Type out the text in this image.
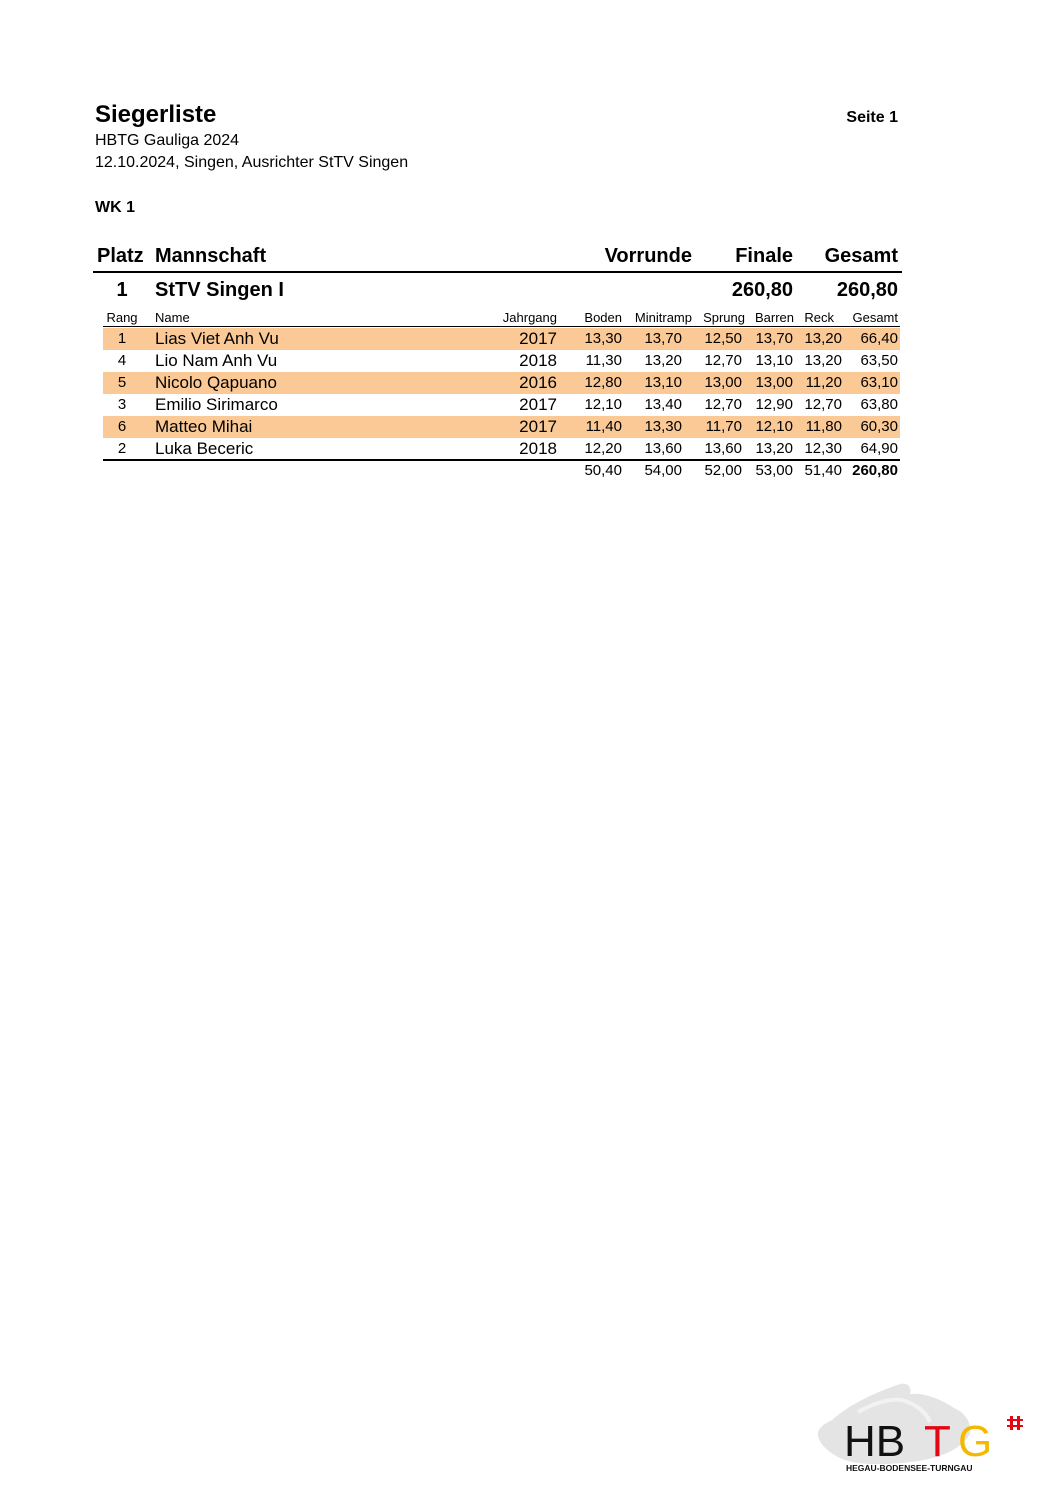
Siegerliste	Seite 1
HBTG Gauliga 2024
12.10.2024, Singen, Ausrichter StTV Singen
WK 1
Platz Mannschaft	Vorrunde	Finale	Gesamt
1 StTV Singen I	260,80	260,80
Rang Name	Jahrgang	Boden Minitramp Sprung Barren Reck	Gesamt
1	Lias Viet Anh Vu	2017	13,30	13,70	12,50 13,70 13,20	66,40
4	Lio Nam Anh Vu	2018	11,30	13,20	12,70 13,10 13,20	63,50
5	Nicolo Qapuano	2016	12,80	13,10	13,00 13,00 11,20	63,10
3	Emilio Sirimarco	2017	12,10	13,40	12,70 12,90 12,70	63,80
6	Matteo Mihai	2017	11,40	13,30	11,70 12,10 11,80	60,30
2	Luka Beceric	2018	12,20	13,60	13,60 13,20 12,30	64,90
50,40	54,00	52,00 53,00 51,40 260,80
HB T G
HEGAU-BODENSEE-TURNGAU
